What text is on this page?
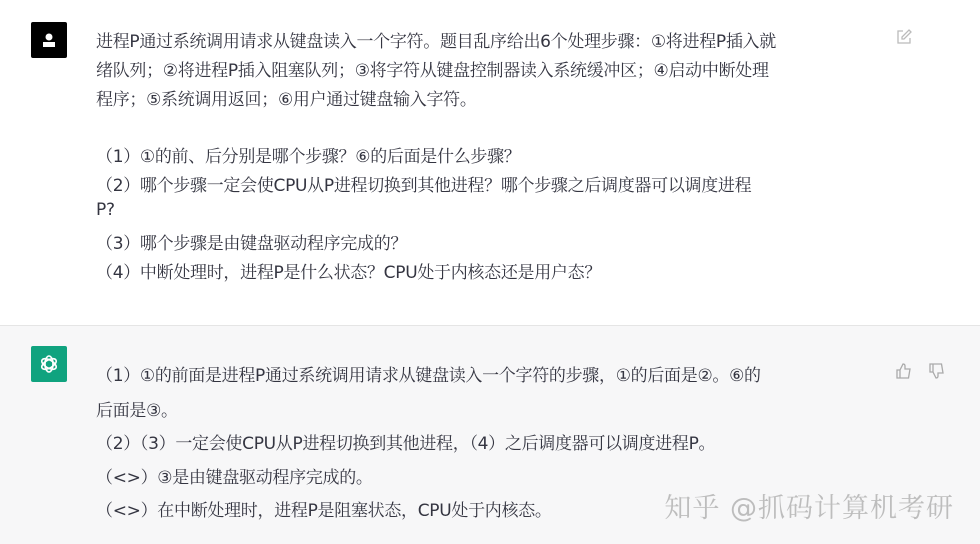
进程P通过系统调用请求从键盘读入一个字符。题目乱序给出6个处理步骤：①将进程P插入就
绪队列；②将进程P插入阻塞队列；③将字符从键盘控制器读入系统缓冲区；④启动中断处理
程序；⑤系统调用返回；⑥用户通过键盘输入字符。
（1）①的前、后分别是哪个步骤？⑥的后面是什么步骤？
（2）哪个步骤一定会使CPU从P进程切换到其他进程？哪个步骤之后调度器可以调度进程
P?
（3）哪个步骤是由键盘驱动程序完成的？
（4）中断处理时，进程P是什么状态？CPU处于内核态还是用户态？
（1）①的前面是进程P通过系统调用请求从键盘读入一个字符的步骤，①的后面是②。⑥的
后面是③。
（2）（3）一定会使CPU从P进程切换到其他进程，（4）之后调度器可以调度进程P。
（<>）③是由键盘驱动程序完成的。
（<>）在中断处理时，进程P是阻塞状态，CPU处于内核态。	知乎 @抓码计算机考研
